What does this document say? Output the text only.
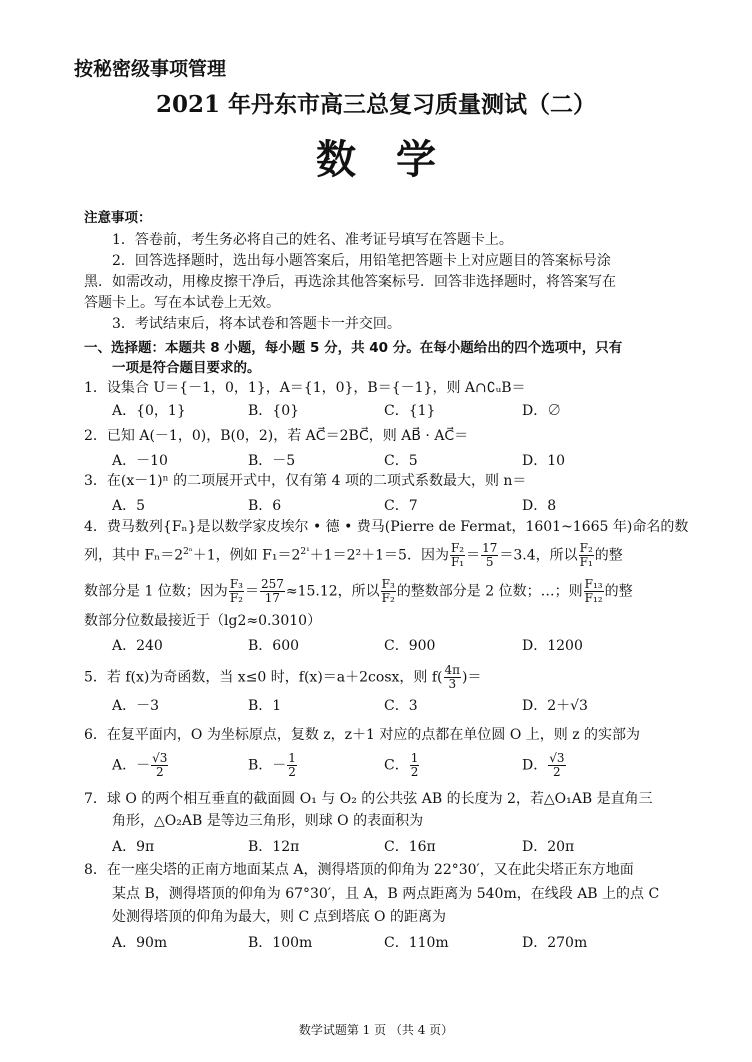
按秘密级事项管理
2021 年丹东市高三总复习质量测试（二）
数学
注意事项：
1．答卷前，考生务必将自己的姓名、准考证号填写在答题卡上。
2．回答选择题时，选出每小题答案后，用铅笔把答题卡上对应题目的答案标号涂
黑．如需改动，用橡皮擦干净后，再选涂其他答案标号．回答非选择题时，将答案写在
答题卡上。写在本试卷上无效。
3．考试结束后，将本试卷和答题卡一并交回。
一、选择题：本题共 8 小题，每小题 5 分，共 40 分。在每小题给出的四个选项中，只有
一项是符合题目要求的。
1．设集合 U＝{－1，0，1}，A＝{1，0}，B＝{－1}，则 A∩∁ᵤB＝
A．{0，1}	B．{0}	C．{1}	D．∅
2．已知 A(－1，0)，B(0，2)，若 AC⃗＝2BC⃗，则 AB⃗ · AC⃗＝
A．－10	B．－5	C．5	D．10
3．在(x－1)ⁿ 的二项展开式中，仅有第 4 项的二项式系数最大，则 n＝
A．5	B．6	C．7	D．8
4．费马数列{Fₙ}是以数学家皮埃尔 • 德 • 费马(Pierre de Fermat，1601~1665 年)命名的数
列，其中 $F_n=2^{2^n}+1$，例如 $F_1=2^{2^1}+1=2^2+1=5$．因为 $\frac{\text{F₂}}{\text{F₁}} = \frac{17}{5} =3.4$，所以 $\frac{\text{F₂}}{\text{F₁}}$ 的整
数部分是 1 位数；因为 $\frac{\text{F₃}}{\text{F₂}} = \frac{257}{17} \approx 15.12$，所以 $\frac{\text{F₃}}{\text{F₂}}$ 的整数部分是 2 位数；…；则 $\frac{\text{F₁₃}}{\text{F₁₂}}$ 的整
数部分位数最接近于（lg2≈0.3010）
A．240	B．600	C．900	D．1200
5．若 f(x)为奇函数，当 x≤0 时，f(x)＝a＋2cosx，则 $f( \frac{4\pi}{3}$ )＝
A．－3	B．1	C．3	D．2＋√3
6．在复平面内，O 为坐标原点，复数 z，z＋1 对应的点都在单位圆 O 上，则 z 的实部为
A．－ $\frac{√3}{2}$	B．－ $\frac{1}{2}$	C． $\frac{1}{2}$	D． $\frac{√3}{2}$
7．球 O 的两个相互垂直的截面圆 O₁ 与 O₂ 的公共弦 AB 的长度为 2，若△O₁AB 是直角三
角形，△O₂AB 是等边三角形，则球 O 的表面积为
A．9π	B．12π	C．16π	D．20π
8．在一座尖塔的正南方地面某点 A，测得塔顶的仰角为 22°30′，又在此尖塔正东方地面
某点 B，测得塔顶的仰角为 67°30′，且 A，B 两点距离为 540m，在线段 AB 上的点 C
处测得塔顶的仰角为最大，则 C 点到塔底 O 的距离为
A．90m	B．100m	C．110m	D．270m
数学试题第 1 页 （共 4 页）
